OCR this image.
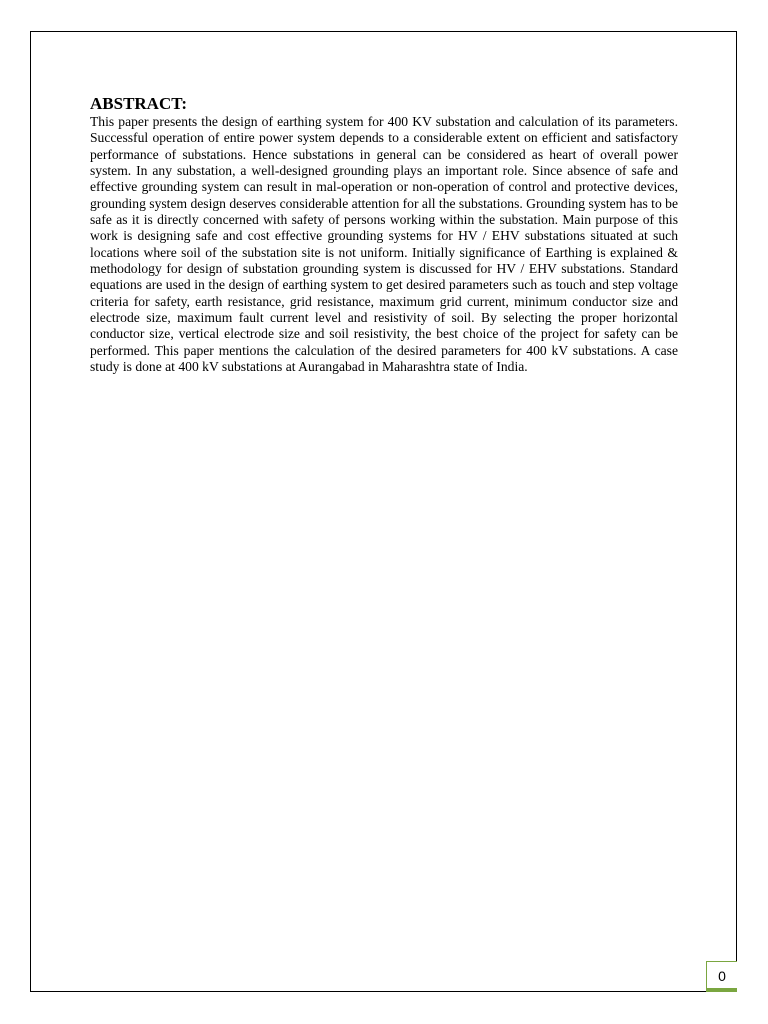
ABSTRACT:

This paper presents the design of earthing system for 400 KV substation and calculation of its parameters. Successful operation of entire power system depends to a considerable extent on efficient and satisfactory performance of substations. Hence substations in general can be considered as heart of overall power system. In any substation, a well-designed grounding plays an important role. Since absence of safe and effective grounding system can result in mal-operation or non-operation of control and protective devices, grounding system design deserves considerable attention for all the substations. Grounding system has to be safe as it is directly concerned with safety of persons working within the substation. Main purpose of this work is designing safe and cost effective grounding systems for HV / EHV substations situated at such locations where soil of the substation site is not uniform. Initially significance of Earthing is explained & methodology for design of substation grounding system is discussed for HV / EHV substations. Standard equations are used in the design of earthing system to get desired parameters such as touch and step voltage criteria for safety, earth resistance, grid resistance, maximum grid current, minimum conductor size and electrode size, maximum fault current level and resistivity of soil. By selecting the proper horizontal conductor size, vertical electrode size and soil resistivity, the best choice of the project for safety can be performed. This paper mentions the calculation of the desired parameters for 400 kV substations. A case study is done at 400 kV substations at Aurangabad in Maharashtra state of India.

0
